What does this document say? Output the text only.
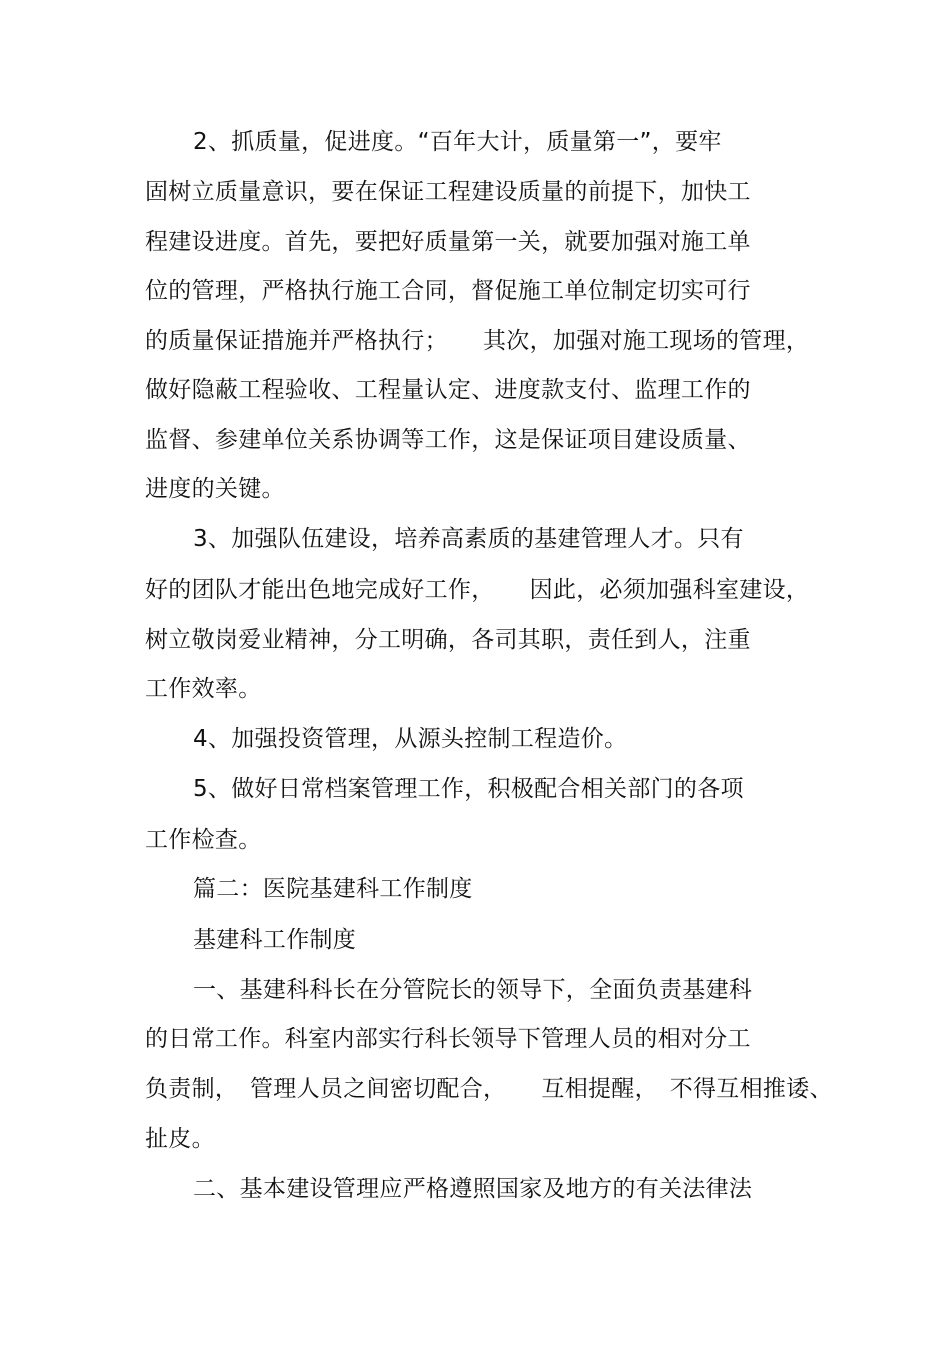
2、抓质量，促进度。“百年大计，质量第一”，要牢
固树立质量意识，要在保证工程建设质量的前提下，加快工
程建设进度。首先，要把好质量第一关，就要加强对施工单
位的管理，严格执行施工合同，督促施工单位制定切实可行
的质量保证措施并严格执行；　　其次，加强对施工现场的管理，
做好隐蔽工程验收、工程量认定、进度款支付、监理工作的
监督、参建单位关系协调等工作，这是保证项目建设质量、
进度的关键。
3、加强队伍建设，培养高素质的基建管理人才。只有
好的团队才能出色地完成好工作，　　因此，必须加强科室建设，
树立敬岗爱业精神，分工明确，各司其职，责任到人，注重
工作效率。
4、加强投资管理，从源头控制工程造价。
5、做好日常档案管理工作，积极配合相关部门的各项
工作检查。
篇二：医院基建科工作制度
基建科工作制度
一、基建科科长在分管院长的领导下，全面负责基建科
的日常工作。科室内部实行科长领导下管理人员的相对分工
负责制，　管理人员之间密切配合，　　互相提醒，　不得互相推诿、
扯皮。
二、基本建设管理应严格遵照国家及地方的有关法律法
